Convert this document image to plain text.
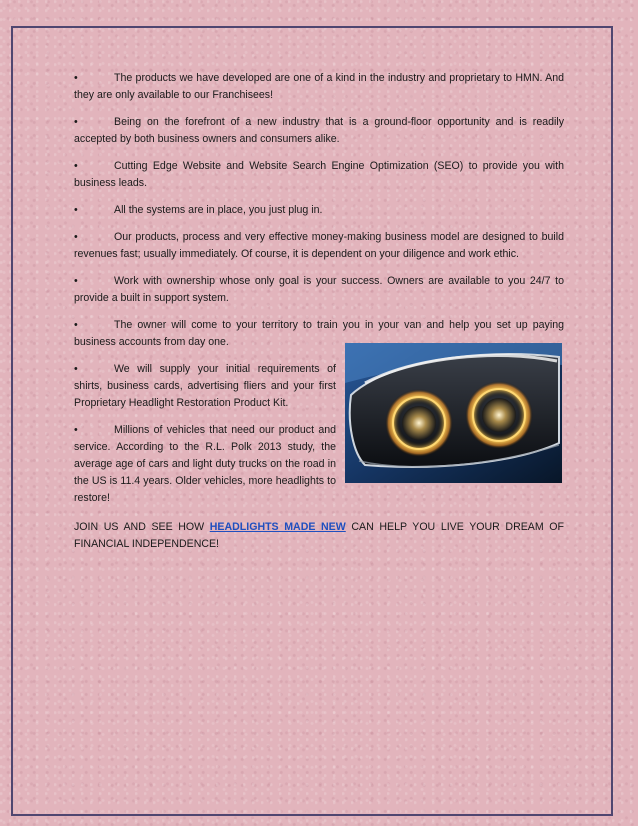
•	The products we have developed are one of a kind in the industry and proprietary to HMN. And they are only available to our Franchisees!

•	Being on the forefront of a new industry that is a ground-floor opportunity and is readily accepted by both business owners and consumers alike.

•	Cutting Edge Website and Website Search Engine Optimization (SEO) to provide you with business leads.

•	All the systems are in place, you just plug in.

•	Our products, process and very effective money-making business model are designed to build revenues fast; usually immediately. Of course, it is dependent on your diligence and work ethic.

•	Work with ownership whose only goal is your success. Owners are available to you 24/7 to provide a built in support system.

•	The owner will come to your territory to train you in your van and help you set up paying business accounts from day one.

•	We will supply your initial requirements of shirts, business cards, advertising fliers and your first Proprietary Headlight Restoration Product Kit.

•	Millions of vehicles that need our product and service. According to the R.L. Polk 2013 study, the average age of cars and light duty trucks on the road in the US is 11.4 years. Older vehicles, more headlights to restore!

JOIN US AND SEE HOW HEADLIGHTS MADE NEW CAN HELP YOU LIVE YOUR DREAM OF FINANCIAL INDEPENDENCE!
